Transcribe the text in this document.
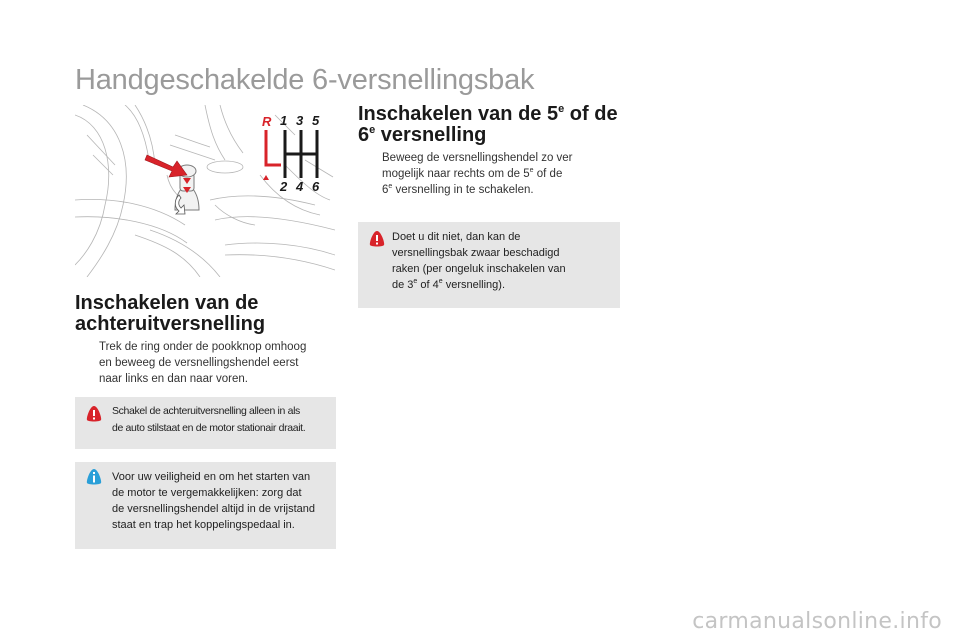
Handgeschakelde 6-versnellingsbak
R 1 3 5
2 4 6
Inschakelen van de
achteruitversnelling
Trek de ring onder de pookknop omhoog
en beweeg de versnellingshendel eerst
naar links en dan naar voren.
Schakel de achteruitversnelling alleen in als
de auto stilstaat en de motor stationair draait.
Voor uw veiligheid en om het starten van
de motor te vergemakkelijken: zorg dat
de versnellingshendel altijd in de vrijstand
staat en trap het koppelingspedaal in.
Inschakelen van de 5e of de
6e versnelling
Beweeg de versnellingshendel zo ver
mogelijk naar rechts om de 5e of de
6e versnelling in te schakelen.
Doet u dit niet, dan kan de
versnellingsbak zwaar beschadigd
raken (per ongeluk inschakelen van
de 3e of 4e versnelling).
carmanualsonline.info
